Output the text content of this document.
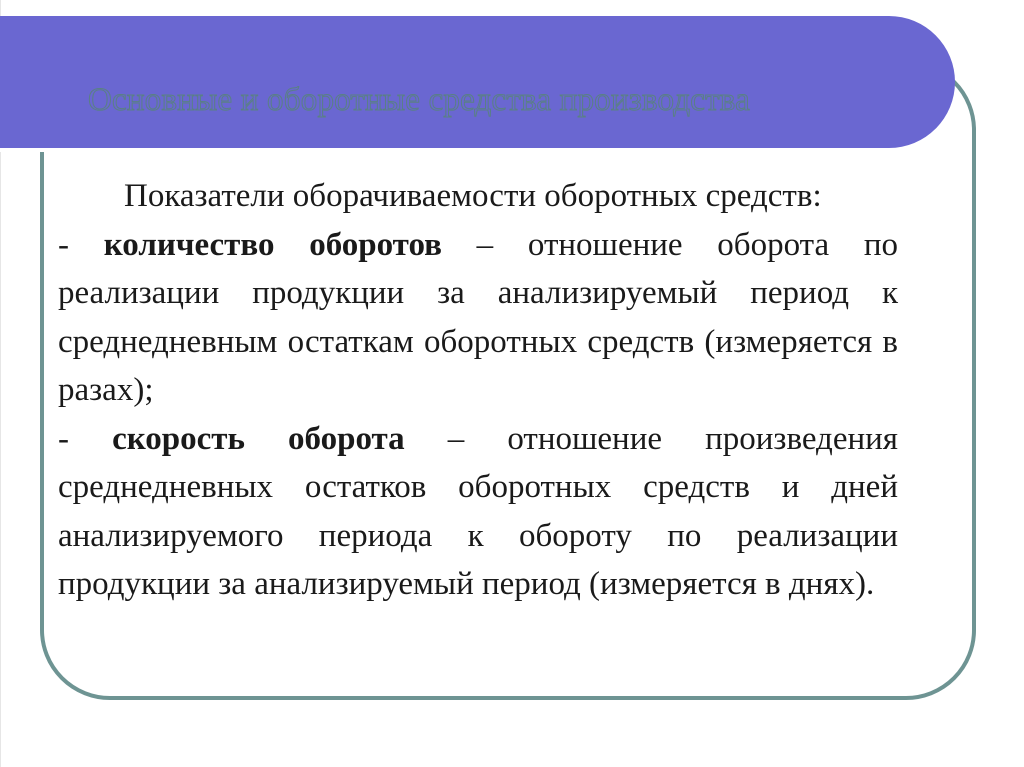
Основные и оборотные средства производства

Показатели оборачиваемости оборотных средств:

- количество оборотов – отношение оборота по реализации продукции за анализируемый период к среднедневным остаткам оборотных средств (измеряется в разах);

- скорость оборота – отношение произведения среднедневных остатков оборотных средств и дней анализируемого периода к обороту по реализации продукции за анализируемый период (измеряется в днях).
